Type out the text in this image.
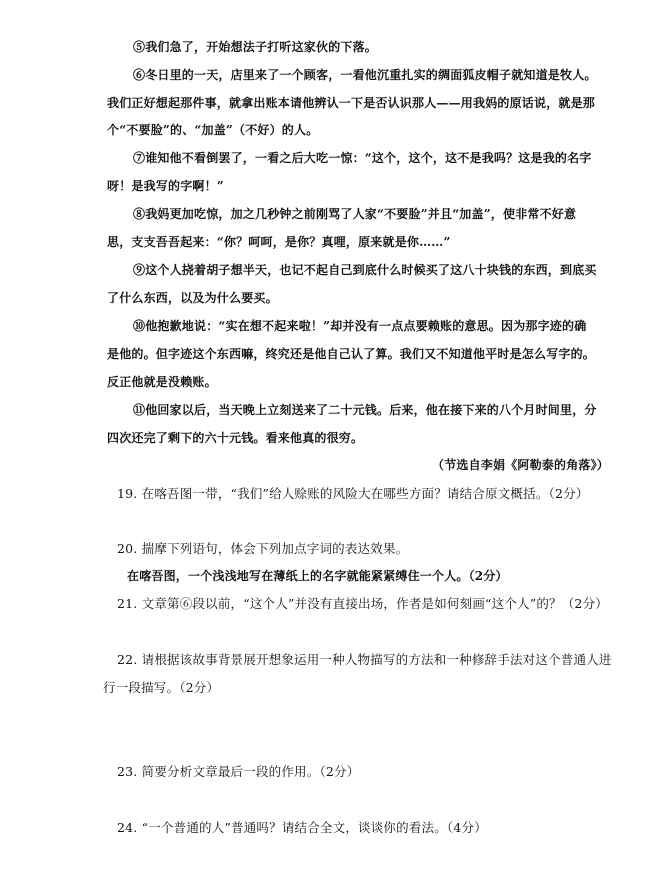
⑤我们急了，开始想法子打听这家伙的下落。
⑥冬日里的一天，店里来了一个顾客，一看他沉重扎实的绸面狐皮帽子就知道是牧人。
我们正好想起那件事，就拿出账本请他辨认一下是否认识那人——用我妈的原话说，就是那
个“不要脸”的、“加盖”（不好）的人。
⑦谁知他不看倒罢了，一看之后大吃一惊：“这个，这个，这不是我吗？这是我的名字
呀！是我写的字啊！”
⑧我妈更加吃惊，加之几秒钟之前刚骂了人家“不要脸”并且“加盖”，使非常不好意
思，支支吾吾起来：“你？呵呵，是你？真哩，原来就是你……”
⑨这个人挠着胡子想半天，也记不起自己到底什么时候买了这八十块钱的东西，到底买
了什么东西，以及为什么要买。
⑩他抱歉地说：“实在想不起来啦！”却并没有一点点要赖账的意思。因为那字迹的确
是他的。但字迹这个东西嘛，终究还是他自己认了算。我们又不知道他平时是怎么写字的。
反正他就是没赖账。
⑪他回家以后，当天晚上立刻送来了二十元钱。后来，他在接下来的八个月时间里，分
四次还完了剩下的六十元钱。看来他真的很穷。
（节选自李娟《阿勒泰的角落》）
19. 在喀吾图一带，“我们”给人赊账的风险大在哪些方面？请结合原文概括。（2分）
20. 揣摩下列语句，体会下列加点字词的表达效果。
在喀吾图，一个浅浅地写在薄纸上的名字就能紧紧缚住一个人。（2分）
21. 文章第⑥段以前，“这个人”并没有直接出场，作者是如何刻画“这个人”的？（2分）
22. 请根据该故事背景展开想象运用一种人物描写的方法和一种修辞手法对这个普通人进
行一段描写。（2分）
23. 简要分析文章最后一段的作用。（2分）
24. “一个普通的人”普通吗？请结合全文，谈谈你的看法。（4分）
